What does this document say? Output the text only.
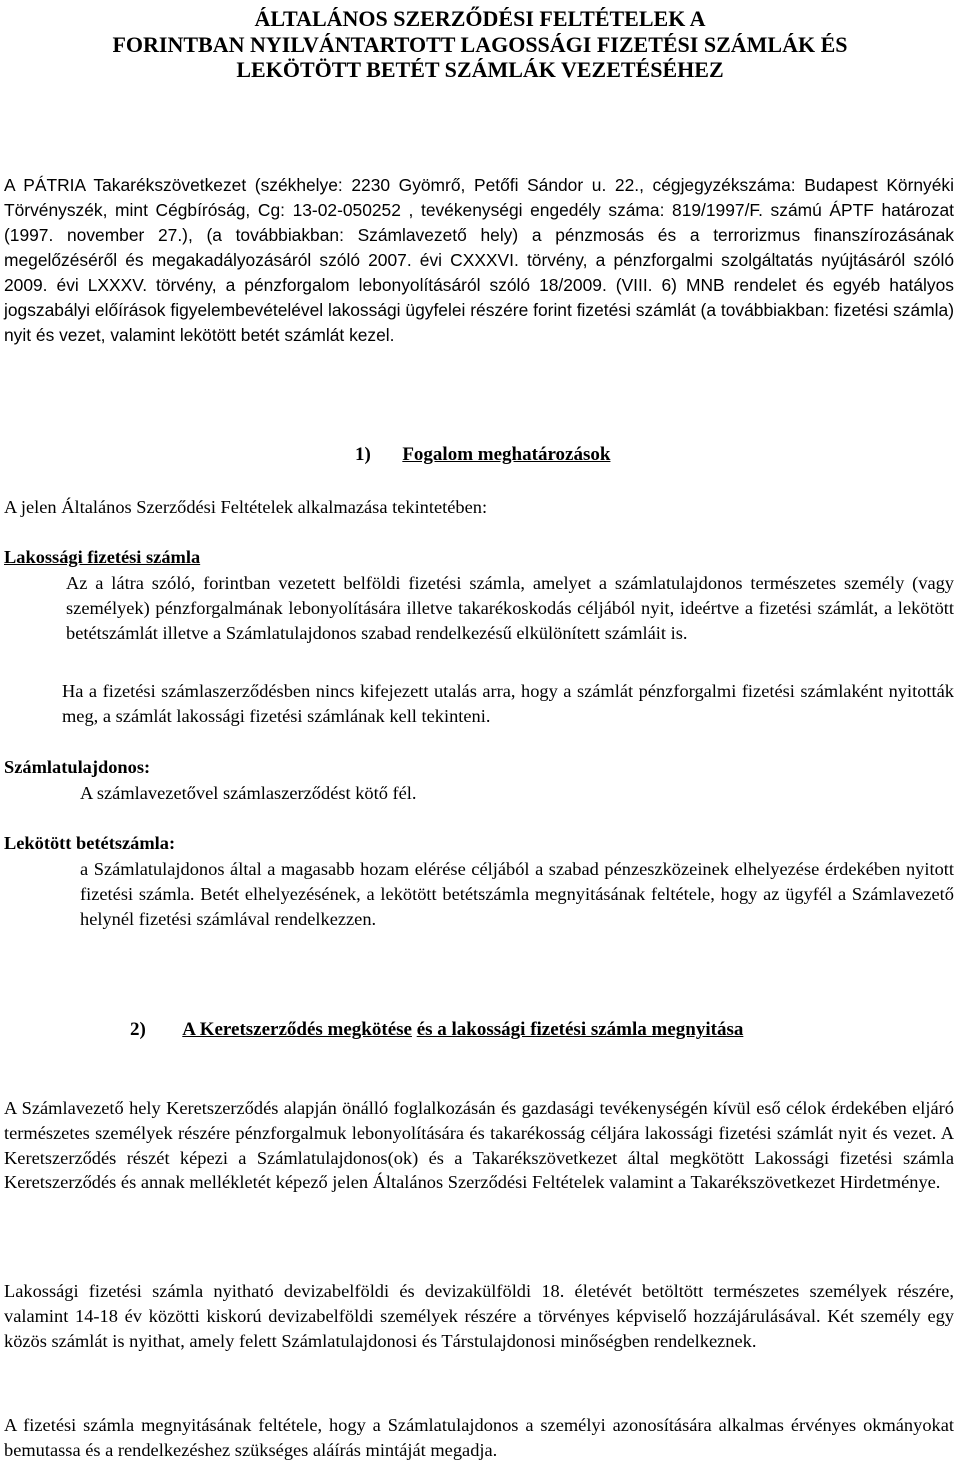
ÁLTALÁNOS SZERZŐDÉSI FELTÉTELEK A
FORINTBAN NYILVÁNTARTOTT LAGOSSÁGI FIZETÉSI SZÁMLÁK ÉS
LEKÖTÖTT BETÉT SZÁMLÁK VEZETÉSÉHEZ
A PÁTRIA Takarékszövetkezet (székhelye: 2230 Gyömrő, Petőfi Sándor u. 22., cégjegyzékszáma: Budapest Környéki Törvényszék, mint Cégbíróság, Cg: 13-02-050252 , tevékenységi engedély száma: 819/1997/F. számú ÁPTF határozat (1997. november 27.), (a továbbiakban: Számlavezető hely) a pénzmosás és a terrorizmus finanszírozásának megelőzéséről és megakadályozásáról szóló 2007. évi CXXXVI. törvény, a pénzforgalmi szolgáltatás nyújtásáról szóló 2009. évi LXXXV. törvény, a pénzforgalom lebonyolításáról szóló 18/2009. (VIII. 6) MNB rendelet és egyéb hatályos jogszabályi előírások figyelembevételével lakossági ügyfelei részére forint fizetési számlát (a továbbiakban: fizetési számla) nyit és vezet, valamint lekötött betét számlát kezel.
1) Fogalom meghatározások
A jelen Általános Szerződési Feltételek alkalmazása tekintetében:
Lakossági fizetési számla
Az a látra szóló, forintban vezetett belföldi fizetési számla, amelyet a számlatulajdonos természetes személy (vagy személyek) pénzforgalmának lebonyolítására illetve takarékoskodás céljából nyit, ideértve a fizetési számlát, a lekötött betétszámlát illetve a Számlatulajdonos szabad rendelkezésű elkülönített számláit is.
Ha a fizetési számlaszerződésben nincs kifejezett utalás arra, hogy a számlát pénzforgalmi fizetési számlaként nyitották meg, a számlát lakossági fizetési számlának kell tekinteni.
Számlatulajdonos:
A számlavezetővel számlaszerződést kötő fél.
Lekötött betétszámla:
a Számlatulajdonos által a magasabb hozam elérése céljából a szabad pénzeszközeinek elhelyezése érdekében nyitott fizetési számla. Betét elhelyezésének, a lekötött betétszámla megnyitásának feltétele, hogy az ügyfél a Számlavezető helynél fizetési számlával rendelkezzen.
2) A Keretszerződés megkötése és a lakossági fizetési számla megnyitása
A Számlavezető hely Keretszerződés alapján önálló foglalkozásán és gazdasági tevékenységén kívül eső célok érdekében eljáró természetes személyek részére pénzforgalmuk lebonyolítására és takarékosság céljára lakossági fizetési számlát nyit és vezet. A Keretszerződés részét képezi a Számlatulajdonos(ok) és a Takarékszövetkezet által megkötött Lakossági fizetési számla Keretszerződés és annak mellékletét képező jelen Általános Szerződési Feltételek valamint a Takarékszövetkezet Hirdetménye.
Lakossági fizetési számla nyitható devizabelföldi és devizakülföldi 18. életévét betöltött természetes személyek részére, valamint 14-18 év közötti kiskorú devizabelföldi személyek részére a törvényes képviselő hozzájárulásával. Két személy egy közös számlát is nyithat, amely felett Számlatulajdonosi és Társtulajdonosi minőségben rendelkeznek.
A fizetési számla megnyitásának feltétele, hogy a Számlatulajdonos a személyi azonosítására alkalmas érvényes okmányokat bemutassa és a rendelkezéshez szükséges aláírás mintáját megadja.
